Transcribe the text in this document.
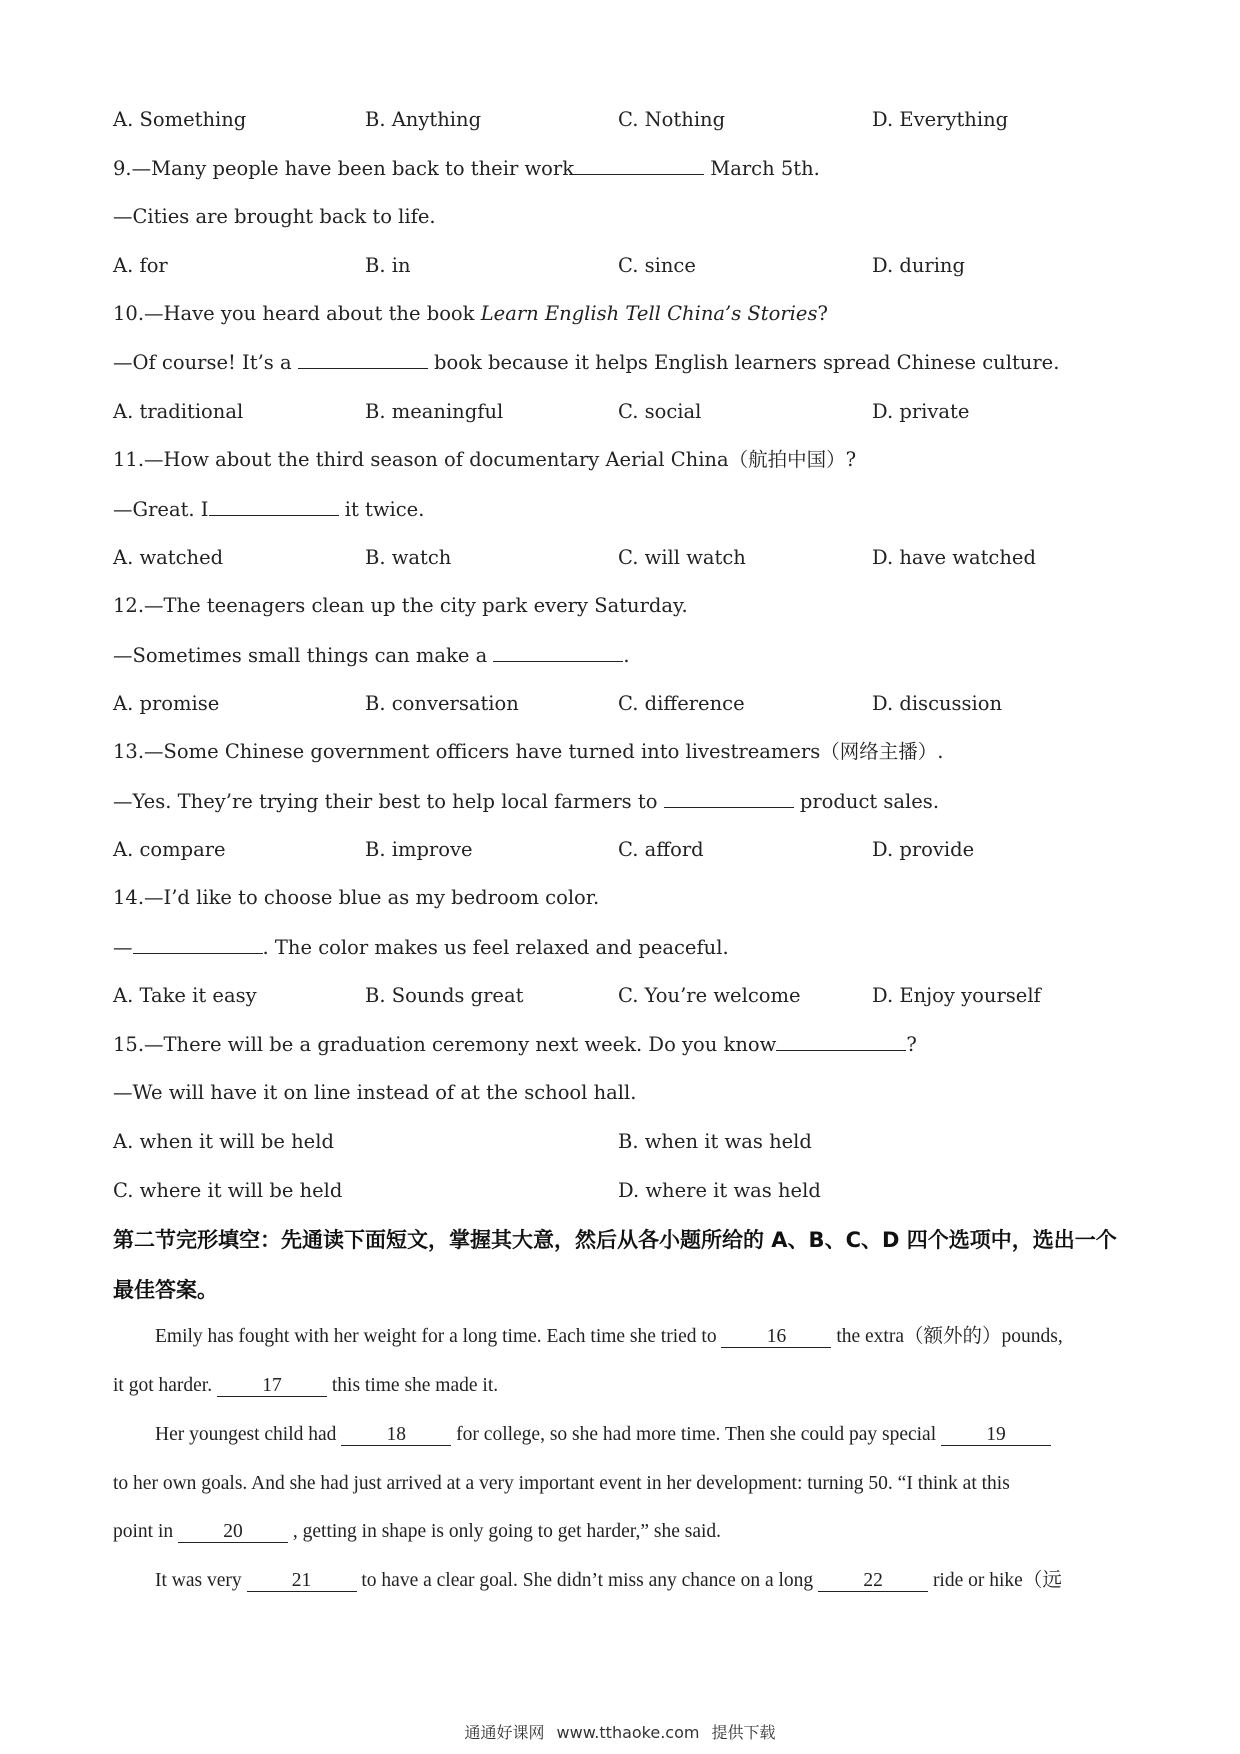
A. Something	B. Anything	C. Nothing	D. Everything
9.—Many people have been back to their work	March 5th.
—Cities are brought back to life.
A. for	B. in	C. since	D. during
10.—Have you heard about the book Learn English Tell China’s Stories?
—Of course! It’s a	book because it helps English learners spread Chinese culture.
A. traditional	B. meaningful	C. social	D. private
11.—How about the third season of documentary Aerial China（航拍中国）?
—Great. I	it twice.
A. watched	B. watch	C. will watch	D. have watched
12.—The teenagers clean up the city park every Saturday.
—Sometimes small things can make a	.
A. promise	B. conversation	C. difference	D. discussion
13.—Some Chinese government officers have turned into livestreamers（网络主播）.
—Yes. They’re trying their best to help local farmers to	product sales.
A. compare	B. improve	C. afford	D. provide
14.—I’d like to choose blue as my bedroom color.
—	. The color makes us feel relaxed and peaceful.
A. Take it easy	B. Sounds great	C. You’re welcome	D. Enjoy yourself
15.—There will be a graduation ceremony next week. Do you know	?
—We will have it on line instead of at the school hall.
A. when it will be held	B. when it was held
C. where it will be held	D. where it was held
第二节完形填空：先通读下面短文，掌握其大意，然后从各小题所给的 A、B、C、D 四个选项中，选出一个最佳答案。
Emily has fought with her weight for a long time. Each time she tried to 16 the extra（额外的）pounds,
it got harder. 17 this time she made it.
Her youngest child had 18 for college, so she had more time. Then she could pay special 19
to her own goals. And she had just arrived at a very important event in her development: turning 50. “I think at this
point in 20 , getting in shape is only going to get harder,” she said.
It was very 21 to have a clear goal. She didn’t miss any chance on a long 22 ride or hike（远
通通好课网 www.tthaoke.com 提供下载
